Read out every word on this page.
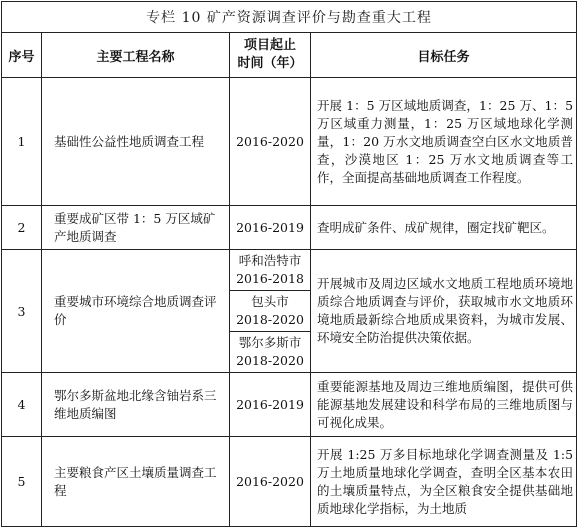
专栏 10 矿产资源调查评价与勘查重大工程			
序号	主要工程名称	项目起止
时间（年）	目标任务
1	基础性公益性地质调查工程	2016-2020	开展 1：5 万区域地质调查，1：25 万、1：5 万区域重力测量，1：25 万区域地球化学测量，1：20 万水文地质调查空白区水文地质普查，沙漠地区 1：25 万水文地质调查等工作，全面提高基础地质调查工作程度。
2	重要成矿区带 1：5 万区域矿产地质调查	2016-2019	查明成矿条件、成矿规律，圈定找矿靶区。
3	重要城市环境综合地质调查评价	呼和浩特市
2016-2018	开展城市及周边区域水文地质工程地质环境地质综合地质调查与评价，获取城市水文地质环境地质最新综合地质成果资料，为城市发展、环境安全防治提供决策依据。

		包头市
2018-2020	

		鄂尔多斯市
2018-2020	

4	鄂尔多斯盆地北缘含铀岩系三维地质编图	2016-2019	重要能源基地及周边三维地质编图，提供可供能源基地发展建设和科学布局的三维地质图与可视化成果。
5	主要粮食产区土壤质量调查工程	2016-2020	开展 1:25 万多目标地球化学调查测量及 1:5 万土地质量地球化学调查，查明全区基本农田的土壤质量特点，为全区粮食安全提供基础地质地球化学指标，为土地质
